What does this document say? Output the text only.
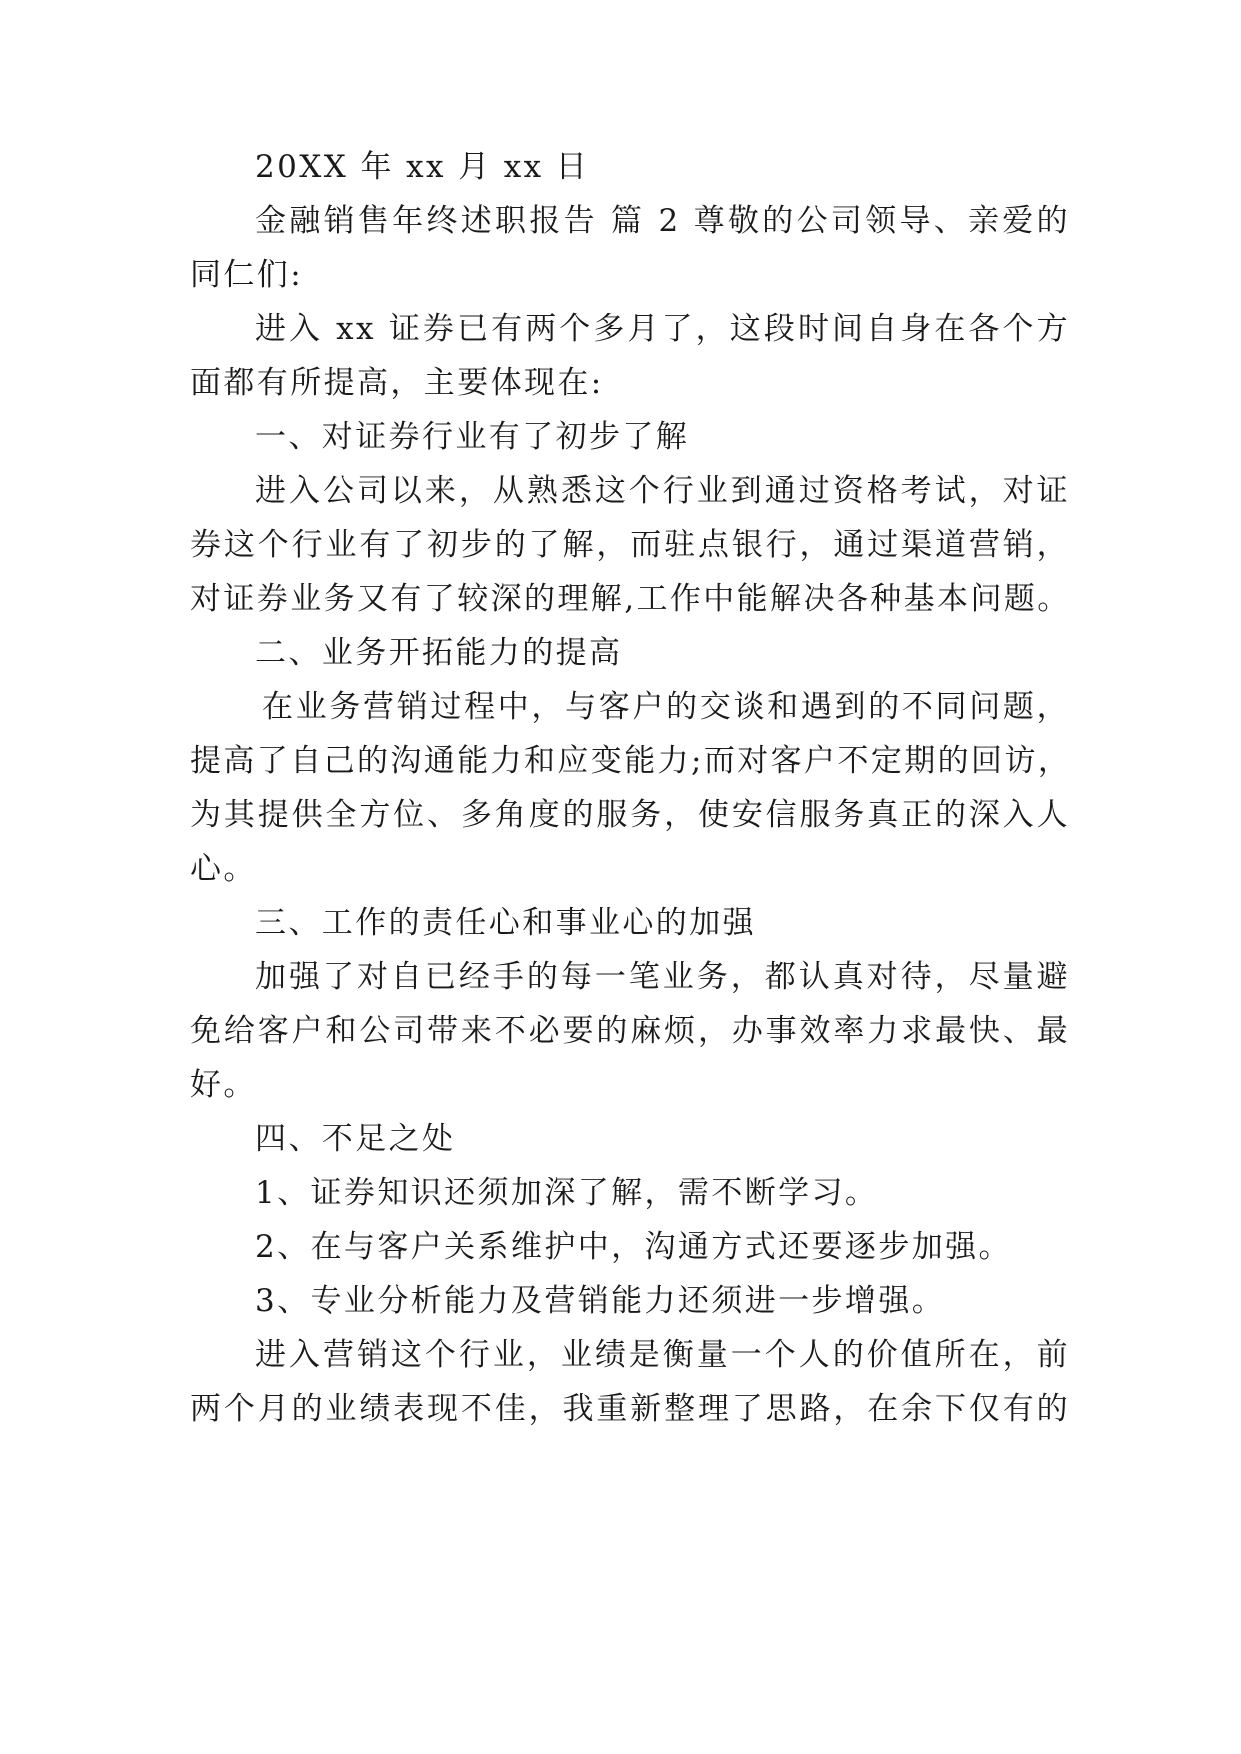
20XX 年 xx 月 xx 日
金融销售年终述职报告 篇 2 尊敬的公司领导、亲爱的
同仁们:
进入 xx 证券已有两个多月了，这段时间自身在各个方
面都有所提高，主要体现在:
一、对证券行业有了初步了解
进入公司以来，从熟悉这个行业到通过资格考试，对证
券这个行业有了初步的了解，而驻点银行，通过渠道营销，
对证券业务又有了较深的理解,工作中能解决各种基本问题。
二、业务开拓能力的提高
在业务营销过程中，与客户的交谈和遇到的不同问题，
提高了自己的沟通能力和应变能力;而对客户不定期的回访，
为其提供全方位、多角度的服务，使安信服务真正的深入人
心。
三、工作的责任心和事业心的加强
加强了对自已经手的每一笔业务，都认真对待，尽量避
免给客户和公司带来不必要的麻烦，办事效率力求最快、最
好。
四、不足之处
1、证券知识还须加深了解，需不断学习。
2、在与客户关系维护中，沟通方式还要逐步加强。
3、专业分析能力及营销能力还须进一步增强。
进入营销这个行业，业绩是衡量一个人的价值所在，前
两个月的业绩表现不佳，我重新整理了思路，在余下仅有的
